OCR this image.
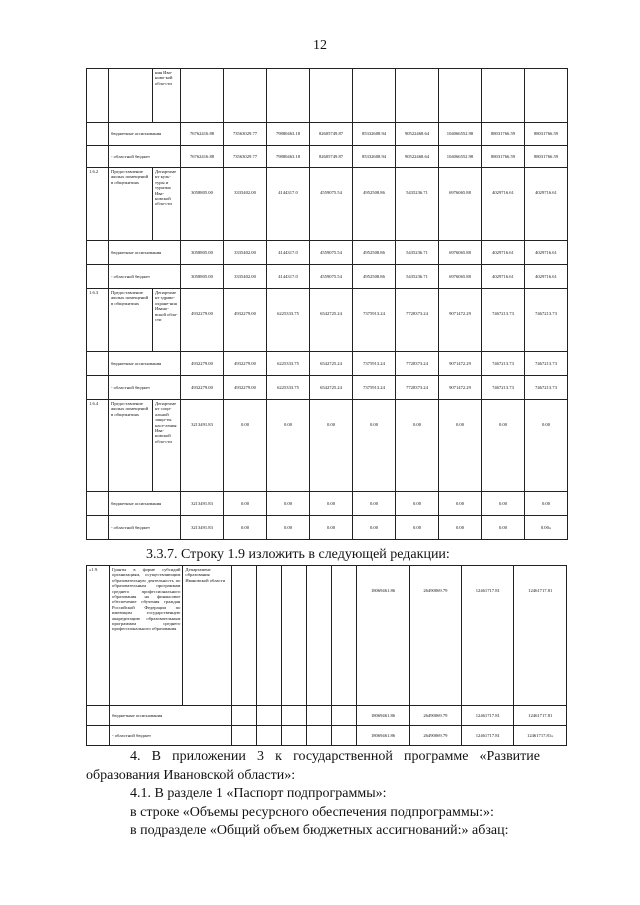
12
		ния Ива-ново-кой обла-сти									
	бюджетные ассигнования		76762416.88	73563029.77	79880463.18	82605749.87	85332608.94	90522468.64	104066552.98	88031766.59	88031766.59
	- областной бюджет		76762416.88	73563029.77	79880463.18	82605749.87	85332608.94	90522468.64	104066552.98	88031766.59	88031766.59
1.6.2	Предоставление жилых помещений в общежитиях	Департамент куль-туры и туризма Ива-новской обла-сти	3058805.00	3335402.00	4144317.0	4559075.54	4952508.86	5435236.71	6976065.88	4029716.61	4029716.61
	бюджетные ассигнования		3058805.00	3335402.00	4144317.0	4559075.54	4952508.86	5435236.71	6976065.88	4029716.61	4029716.61
	- областной бюджет		3058805.00	3335402.00	4144317.0	4559075.54	4952508.86	5435236.71	6976065.88	4029716.61	4029716.61
1.6.3	Предоставление жилых помещений в общежитиях	Департамент здраво-охране-ния Ивано-вской обла-сти	4932279.00	4932279.00	6225333.75	6542725.24	7375913.24	7728373.24	9071472.29	7467213.73	7467213.73
	бюджетные ассигнования		4932279.00	4932279.00	6225333.75	6542725.24	7375913.24	7728373.24	9071472.29	7467213.73	7467213.73
	- областной бюджет		4932279.00	4932279.00	6225333.75	6542725.24	7375913.24	7728373.24	9071472.29	7467213.73	7467213.73
1.6.4	Предоставление жилых помещений в общежитиях	Департамент соци-альной защи-ты насе-ления Ива-новской обла-сти	3213491.83	0.00	0.00	0.00	0.00	0.00	0.00	0.00	0.00
	бюджетные ассигнования		3213491.83	0.00	0.00	0.00	0.00	0.00	0.00	0.00	0.00
	- областной бюджет		3213491.83	0.00	0.00	0.00	0.00	0.00	0.00	0.00	0.00»
3.3.7. Строку 1.9 изложить в следующей редакции:
«1.9.	Гранты в форме субсидий организациям, осуществляющим образовательную деятельность по образовательным программам среднего профессионального образования на финансовое обеспечение обучения граждан Российской Федерации по имеющим государственную аккредитацию образовательным программам среднего профессионального образования	Департамент образования Ивановской области						18069461.86	26490069.79	12461717.81	12461717.81
	бюджетные ассигнования							18069461.86	26490069.79	12461717.81	12461717.81
	- областной бюджет							18069461.86	26490069.79	12461717.81	12461717.81»
4. В приложении 3 к государственной программе «Развитие
образования Ивановской области»:
4.1. В разделе 1 «Паспорт подпрограммы»:
в строке «Объемы ресурсного обеспечения подпрограммы:»:
в подразделе «Общий объем бюджетных ассигнований:» абзац:
